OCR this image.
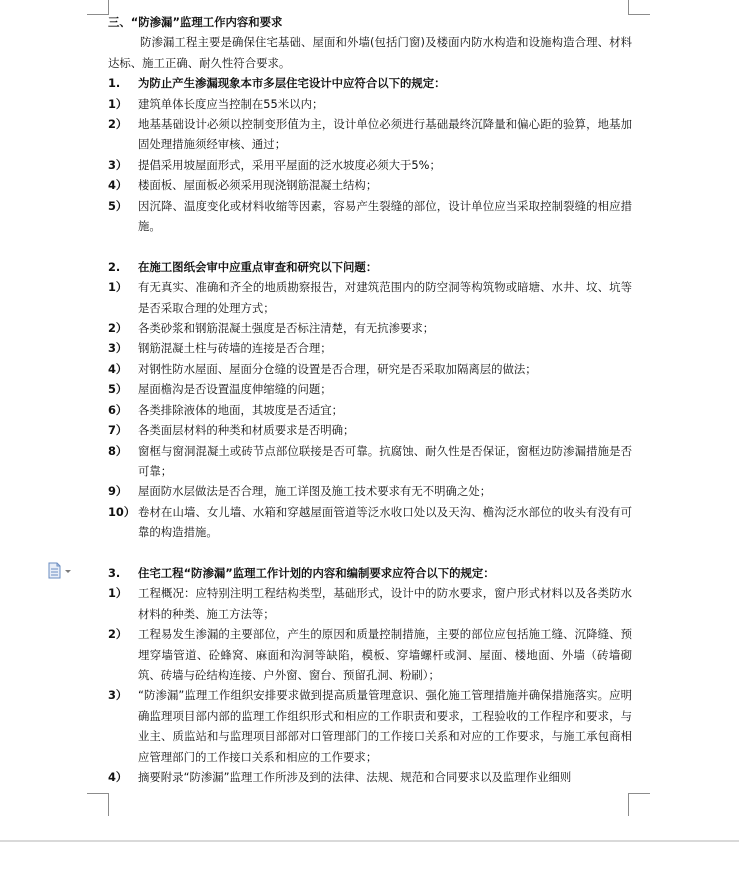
三、“防渗漏”监理工作内容和要求
防渗漏工程主要是确保住宅基础、屋面和外墙(包括门窗)及楼面内防水构造和设施构造合理、材料达标、施工正确、耐久性符合要求。
1.	为防止产生渗漏现象本市多层住宅设计中应符合以下的规定：
1） 建筑单体长度应当控制在55米以内；
2） 地基基础设计必须以控制变形值为主，设计单位必须进行基础最终沉降量和偏心距的验算，地基加固处理措施须经审核、通过；
3） 提倡采用坡屋面形式，采用平屋面的泛水坡度必须大于5%；
4） 楼面板、屋面板必须采用现浇钢筋混凝土结构；
5） 因沉降、温度变化或材料收缩等因素，容易产生裂缝的部位，设计单位应当采取控制裂缝的相应措施。
2.	在施工图纸会审中应重点审查和研究以下问题：
1） 有无真实、准确和齐全的地质勘察报告，对建筑范围内的防空洞等构筑物或暗塘、水井、坟、坑等是否采取合理的处理方式；
2） 各类砂浆和钢筋混凝土强度是否标注清楚，有无抗渗要求；
3） 钢筋混凝土柱与砖墙的连接是否合理；
4） 对钢性防水屋面、屋面分仓缝的设置是否合理，研究是否采取加隔离层的做法；
5） 屋面檐沟是否设置温度伸缩缝的问题；
6） 各类排除液体的地面，其坡度是否适宜；
7） 各类面层材料的种类和材质要求是否明确；
8） 窗框与窗洞混凝土或砖节点部位联接是否可靠。抗腐蚀、耐久性是否保证，窗框边防渗漏措施是否可靠；
9） 屋面防水层做法是否合理，施工详图及施工技术要求有无不明确之处；
10） 卷材在山墙、女儿墙、水箱和穿越屋面管道等泛水收口处以及天沟、檐沟泛水部位的收头有没有可靠的构造措施。
3.	住宅工程“防渗漏”监理工作计划的内容和编制要求应符合以下的规定：
1） 工程概况：应特别注明工程结构类型，基础形式，设计中的防水要求，窗户形式材料以及各类防水材料的种类、施工方法等；
2） 工程易发生渗漏的主要部位，产生的原因和质量控制措施，主要的部位应包括施工缝、沉降缝、预埋穿墙管道、砼蜂窝、麻面和沟洞等缺陷，模板、穿墙螺杆或洞、屋面、楼地面、外墙（砖墙砌筑、砖墙与砼结构连接、户外窗、窗台、预留孔洞、粉刷）；
3） “防渗漏”监理工作组织安排要求做到提高质量管理意识、强化施工管理措施并确保措施落实。应明确监理项目部内部的监理工作组织形式和相应的工作职责和要求，工程验收的工作程序和要求，与业主、质监站和与监理项目部部对口管理部门的工作接口关系和对应的工作要求，与施工承包商相应管理部门的工作接口关系和相应的工作要求；
4） 摘要附录“防渗漏”监理工作所涉及到的法律、法规、规范和合同要求以及监理作业细则
